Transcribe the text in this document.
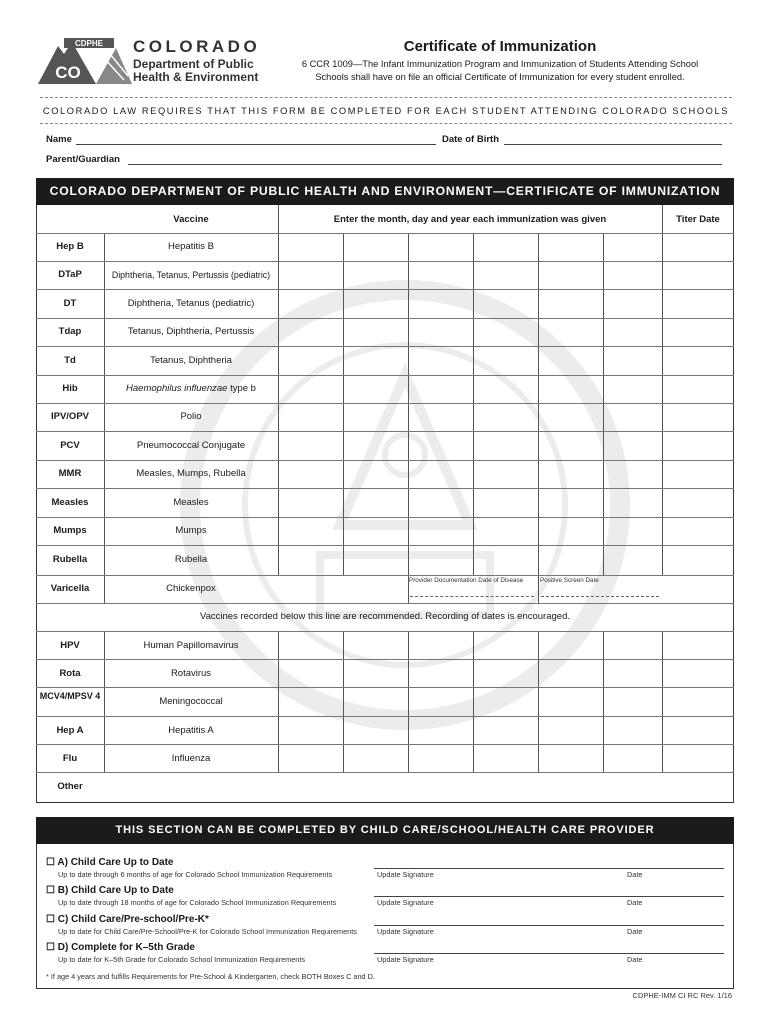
CDPHE
CO
COLORADO
Department of Public
Health & Environment
Certificate of Immunization
6 CCR 1009—The Infant Immunization Program and Immunization of Students Attending School
Schools shall have on file an official Certificate of Immunization for every student enrolled.
COLORADO LAW REQUIRES THAT THIS FORM BE COMPLETED FOR EACH STUDENT ATTENDING COLORADO SCHOOLS
Name	Date of Birth
Parent/Guardian
COLORADO DEPARTMENT OF PUBLIC HEALTH AND ENVIRONMENT—CERTIFICATE OF IMMUNIZATION
Vaccine	Enter the month, day and year each immunization was given	Titer Date
Hep B	Hepatitis B
DTaP	Diphtheria, Tetanus, Pertussis (pediatric)
DT	Diphtheria, Tetanus (pediatric)
Tdap	Tetanus, Diphtheria, Pertussis
Td	Tetanus, Diphtheria
Hib	Haemophilus influenzae type b
IPV/OPV	Polio
PCV	Pneumococcal Conjugate
MMR	Measles, Mumps, Rubella
Measles	Measles
Mumps	Mumps
Rubella	Rubella
Varicella	Chickenpox
Provider Documentation Date of Disease	Positive Screen Date
Vaccines recorded below this line are recommended. Recording of dates is encouraged.
HPV	Human Papillomavirus
Rota	Rotavirus
MCV4/MPSV 4	Meningococcal
Hep A	Hepatitis A
Flu	Influenza
Other
THIS SECTION CAN BE COMPLETED BY CHILD CARE/SCHOOL/HEALTH CARE PROVIDER
☐ A) Child Care Up to Date
Up to date through 6 months of age for Colorado School Immunization Requirements	Update Signature	Date
☐ B) Child Care Up to Date
Up to date through 18 months of age for Colorado School Immunization Requirements	Update Signature	Date
☐ C) Child Care/Pre-school/Pre-K*
Up to date for Child Care/Pre-School/Pre-K for Colorado School Immunization Requirements	Update Signature	Date
☐ D) Complete for K–5th Grade
Up to date for K–5th Grade for Colorado School Immunization Requirements	Update Signature	Date
* If age 4 years and fulfills Requirements for Pre-School & Kindergarten, check BOTH Boxes C and D.
CDPHE-IMM CI RC Rev. 1/16
